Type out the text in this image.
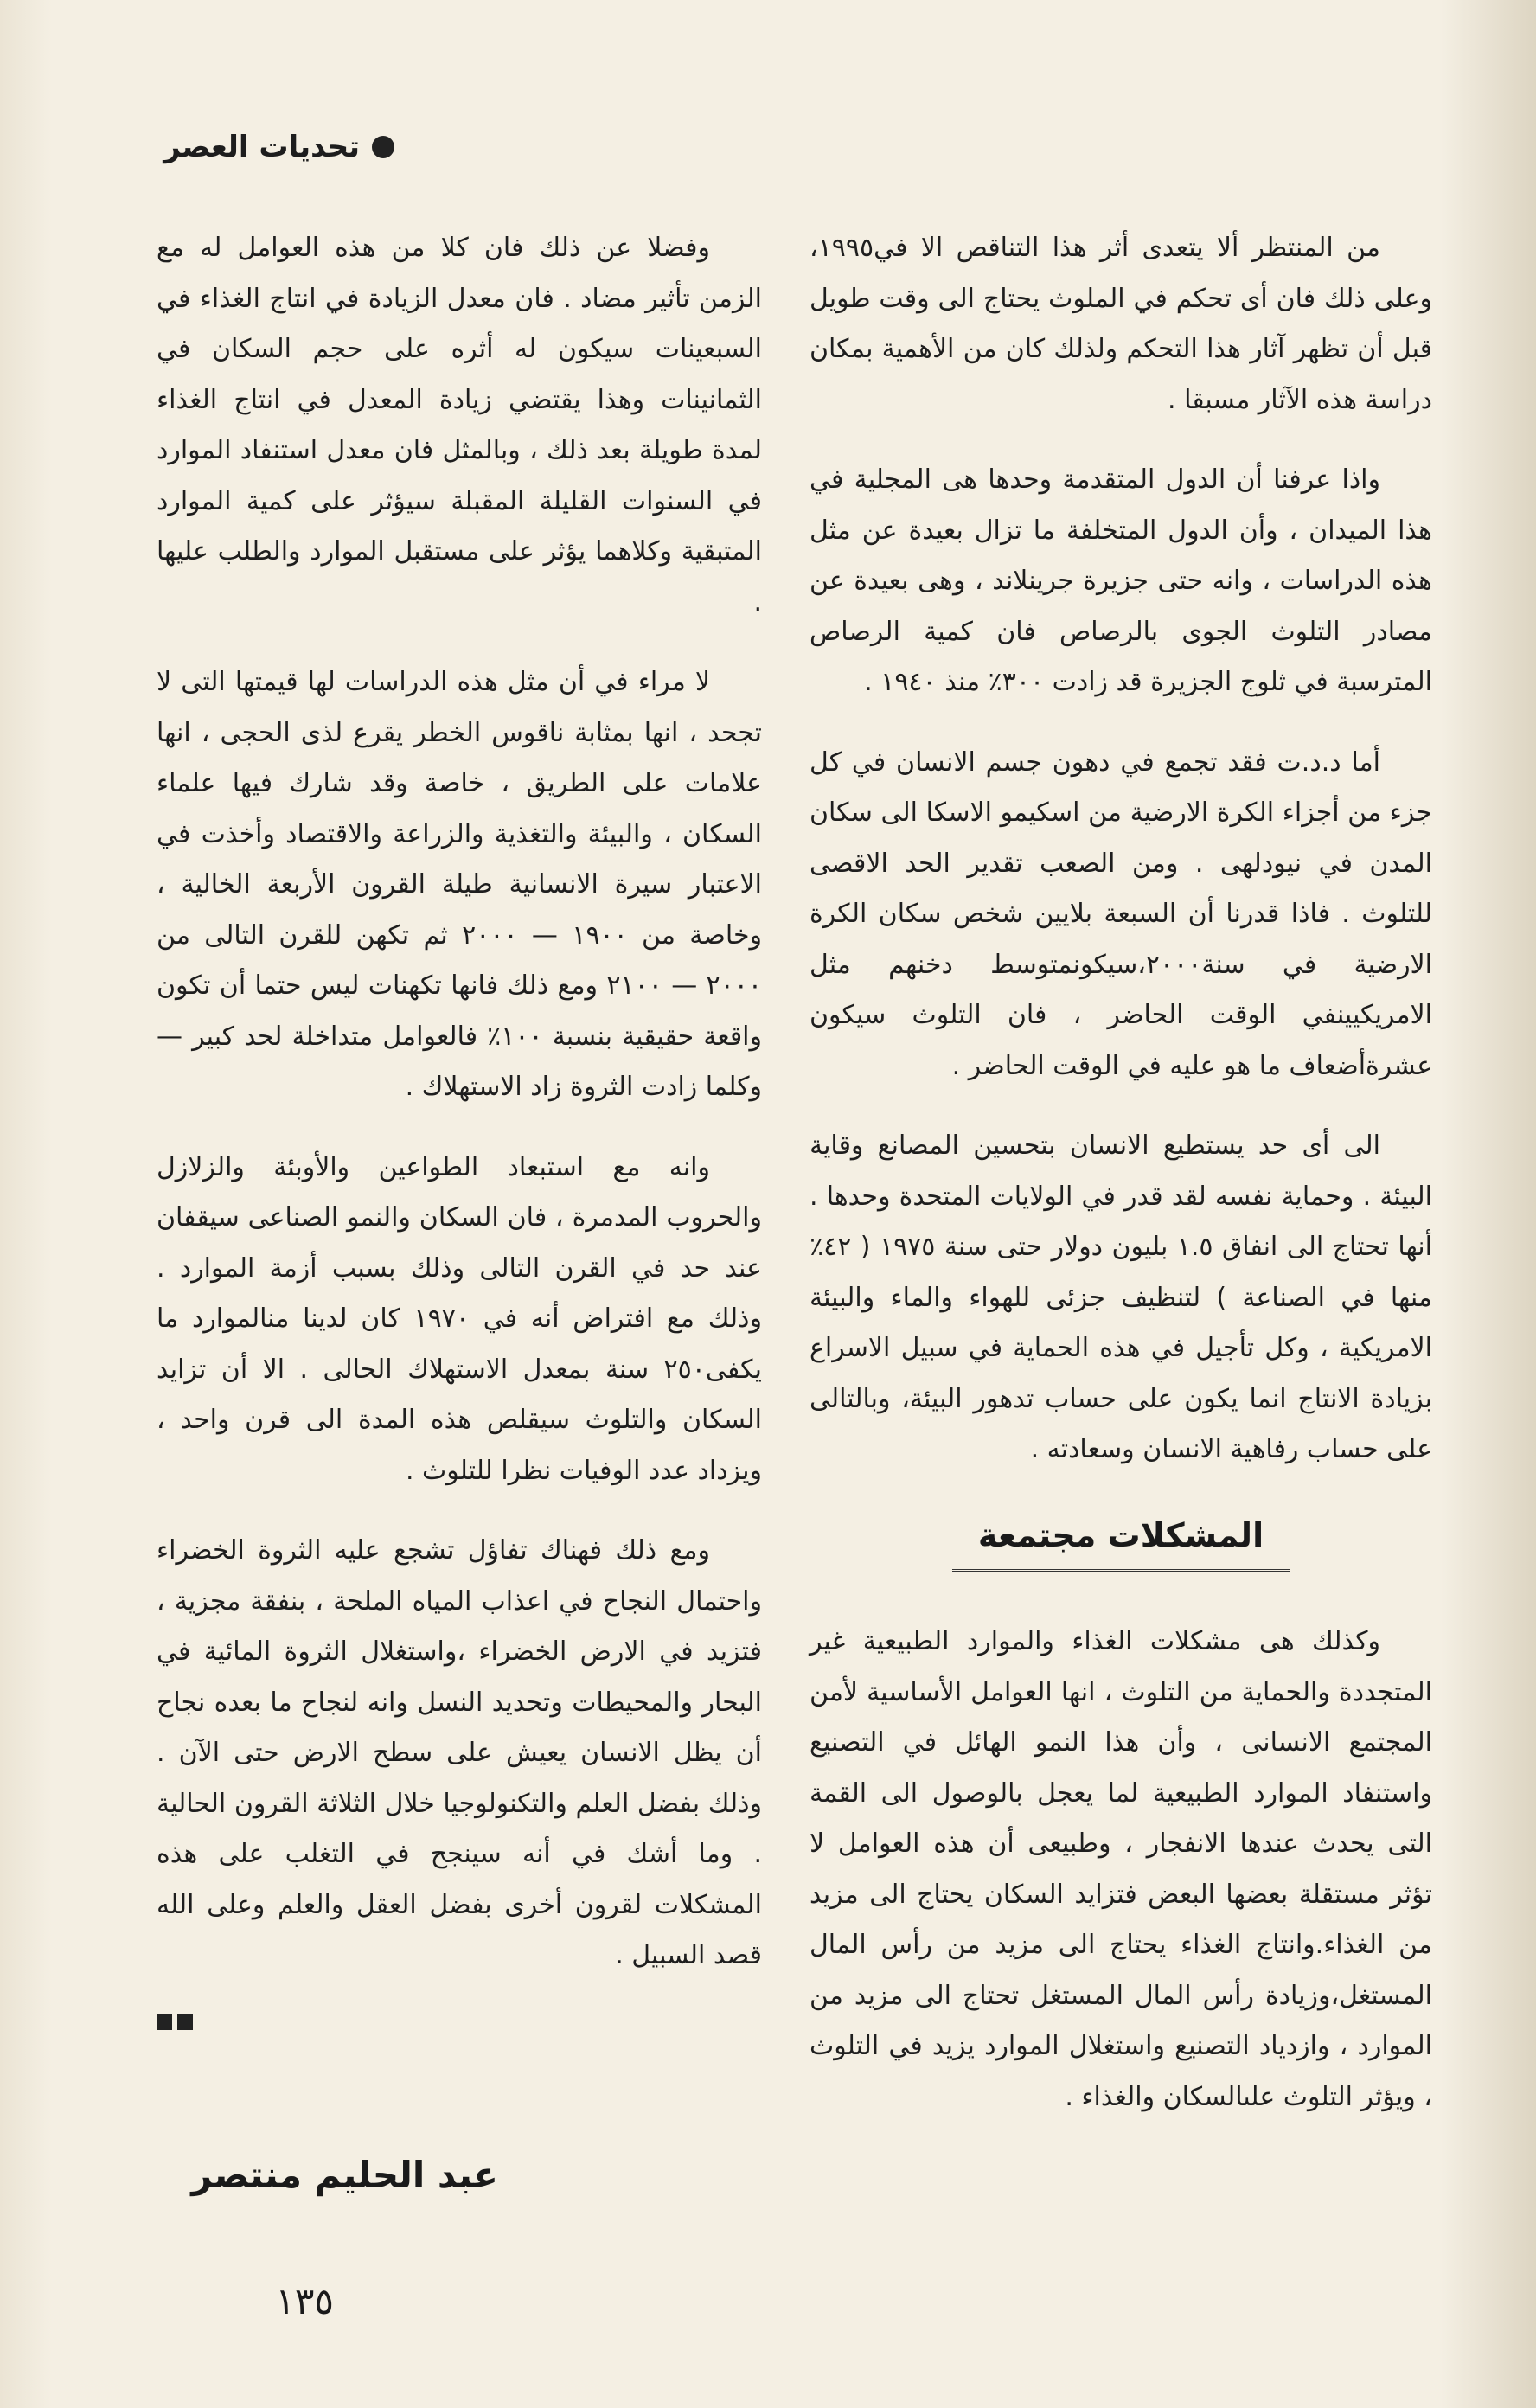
تحديات العصر

من المنتظر ألا يتعدى أثر هذا التناقص الا في١٩٩٥، وعلى ذلك فان أى تحكم في الملوث يحتاج الى وقت طويل قبل أن تظهر آثار هذا التحكم ولذلك كان من الأهمية بمكان دراسة هذه الآثار مسبقا .

واذا عرفنا أن الدول المتقدمة وحدها هى المجلية في هذا الميدان ، وأن الدول المتخلفة ما تزال بعيدة عن مثل هذه الدراسات ، وانه حتى جزيرة جرينلاند ، وهى بعيدة عن مصادر التلوث الجوى بالرصاص فان كمية الرصاص المترسبة في ثلوج الجزيرة قد زادت ٣٠٠٪ منذ ١٩٤٠ .

أما د.د.ت فقد تجمع في دهون جسم الانسان في كل جزء من أجزاء الكرة الارضية من اسكيمو الاسكا الى سكان المدن في نيودلهى . ومن الصعب تقدير الحد الاقصى للتلوث . فاذا قدرنا أن السبعة بلايين شخص سكان الكرة الارضية في سنة٢٠٠٠،سيكونمتوسط دخنهم مثل الامريكيينفي الوقت الحاضر ، فان التلوث سيكون عشرةأضعاف ما هو عليه في الوقت الحاضر .

الى أى حد يستطيع الانسان بتحسين المصانع وقاية البيئة . وحماية نفسه لقد قدر في الولايات المتحدة وحدها . أنها تحتاج الى انفاق ١.٥ بليون دولار حتى سنة ١٩٧٥ ( ٤٢٪ منها في الصناعة ) لتنظيف جزئى للهواء والماء والبيئة الامريكية ، وكل تأجيل في هذه الحماية في سبيل الاسراع بزيادة الانتاج انما يكون على حساب تدهور البيئة، وبالتالى على حساب رفاهية الانسان وسعادته .

المشكلات مجتمعة

وكذلك هى مشكلات الغذاء والموارد الطبيعية غير المتجددة والحماية من التلوث ، انها العوامل الأساسية لأمن المجتمع الانسانى ، وأن هذا النمو الهائل في التصنيع واستنفاد الموارد الطبيعية لما يعجل بالوصول الى القمة التى يحدث عندها الانفجار ، وطبيعى أن هذه العوامل لا تؤثر مستقلة بعضها البعض فتزايد السكان يحتاج الى مزيد من الغذاء.وانتاج الغذاء يحتاج الى مزيد من رأس المال المستغل،وزيادة رأس المال المستغل تحتاج الى مزيد من الموارد ، وازدياد التصنيع واستغلال الموارد يزيد في التلوث ، ويؤثر التلوث علىالسكان والغذاء .

وفضلا عن ذلك فان كلا من هذه العوامل له مع الزمن تأثير مضاد . فان معدل الزيادة في انتاج الغذاء في السبعينات سيكون له أثره على حجم السكان في الثمانينات وهذا يقتضي زيادة المعدل في انتاج الغذاء لمدة طويلة بعد ذلك ، وبالمثل فان معدل استنفاد الموارد في السنوات القليلة المقبلة سيؤثر على كمية الموارد المتبقية وكلاهما يؤثر على مستقبل الموارد والطلب عليها .

لا مراء في أن مثل هذه الدراسات لها قيمتها التى لا تجحد ، انها بمثابة ناقوس الخطر يقرع لذى الحجى ، انها علامات على الطريق ، خاصة وقد شارك فيها علماء السكان ، والبيئة والتغذية والزراعة والاقتصاد وأخذت في الاعتبار سيرة الانسانية طيلة القرون الأربعة الخالية ، وخاصة من ١٩٠٠ — ٢٠٠٠ ثم تكهن للقرن التالى من ٢٠٠٠ — ٢١٠٠ ومع ذلك فانها تكهنات ليس حتما أن تكون واقعة حقيقية بنسبة ١٠٠٪ فالعوامل متداخلة لحد كبير — وكلما زادت الثروة زاد الاستهلاك .

وانه مع استبعاد الطواعين والأوبئة والزلازل والحروب المدمرة ، فان السكان والنمو الصناعى سيقفان عند حد في القرن التالى وذلك بسبب أزمة الموارد . وذلك مع افتراض أنه في ١٩٧٠ كان لدينا منالموارد ما يكفى٢٥٠ سنة بمعدل الاستهلاك الحالى . الا أن تزايد السكان والتلوث سيقلص هذه المدة الى قرن واحد ، ويزداد عدد الوفيات نظرا للتلوث .

ومع ذلك فهناك تفاؤل تشجع عليه الثروة الخضراء واحتمال النجاح في اعذاب المياه الملحة ، بنفقة مجزية ، فتزيد في الارض الخضراء ،واستغلال الثروة المائية في البحار والمحيطات وتحديد النسل وانه لنجاح ما بعده نجاح أن يظل الانسان يعيش على سطح الارض حتى الآن . وذلك بفضل العلم والتكنولوجيا خلال الثلاثة القرون الحالية . وما أشك في أنه سينجح في التغلب على هذه المشكلات لقرون أخرى بفضل العقل والعلم وعلى الله قصد السبيل .

عبد الحليم منتصر
١٣٥
